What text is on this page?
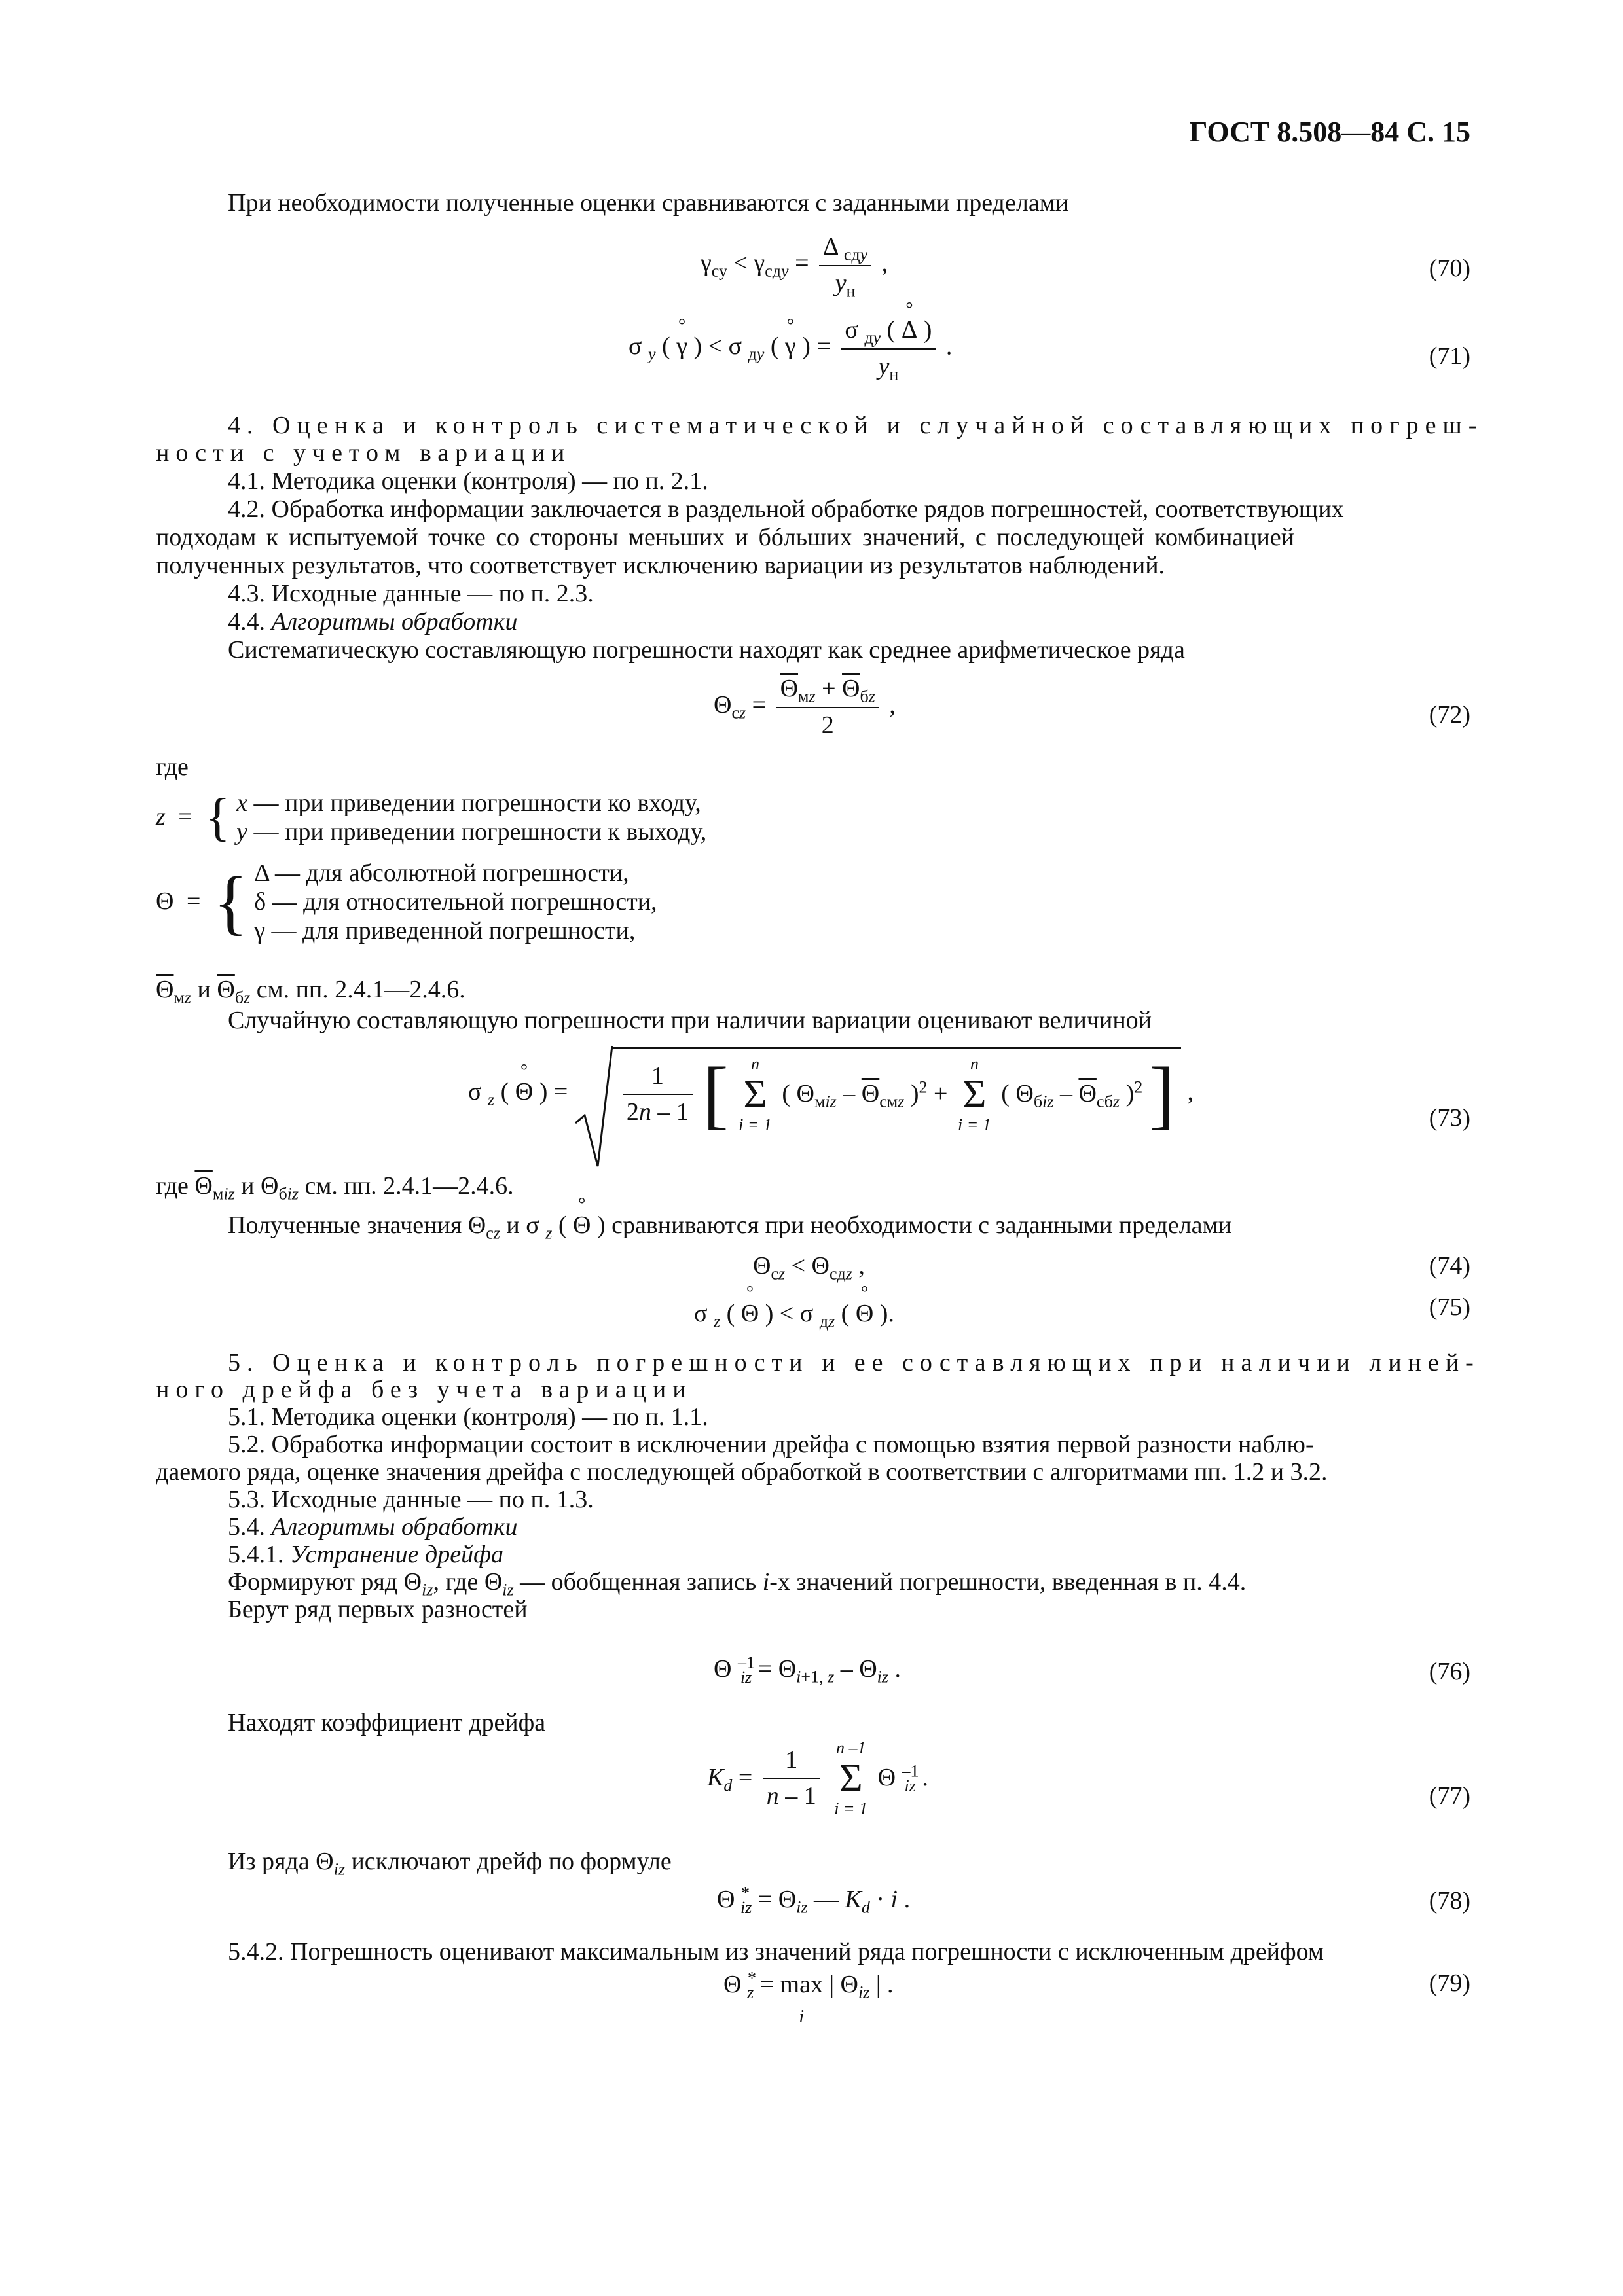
ГОСТ 8.508—84 С. 15
При необходимости полученные оценки сравниваются с заданными пределами
$\gamma_{су} < \gamma_{сдy} = \frac{\Delta _{сдy}}{y_н}$ ,	(70)
σ $_y$ ( ° γ ) < σ $_{дy}$ ( ° γ ) = $\frac{\sigma _{дy} ( ^\circ \Delta )}{y_н}$ .	(71)
4. Оценка и контроль систематической и случайной составляющих погреш-
ности с учетом вариации
4.1. Методика оценки (контроля) — по п. 2.1.
4.2. Обработка информации заключается в раздельной обработке рядов погрешностей, соответствующих
подходам к испытуемой точке со стороны меньших и бóльших значений, с последующей комбинацией
полученных результатов, что соответствует исключению вариации из результатов наблюдений.
4.3. Исходные данные — по п. 2.3.
4.4. Алгоритмы обработки
Систематическую составляющую погрешности находят как среднее арифметическое ряда
$\Theta_{сz} = \frac{\overline{\Theta}_{мz} + \overline{\Theta}_{бz}}{2}$ ,	(72)
где
z = { x — при приведении погрешности ко входу,
y — при приведении погрешности к выходу,
Θ = { Δ — для абсолютной погрешности,
δ — для относительной погрешности,
γ — для приведенной погрешности,
$\overline{\Theta}_{мz}$ и $\overline{\Theta}_{бz}$ см. пп. 2.4.1—2.4.6.
Случайную составляющую погрешности при наличии вариации оценивают величиной
σ $_z$ ( ° Θ ) = $\frac{1}{2n - 1}$ [	n
Σ
i = 1
( $\Theta_{мiz} - \overline{\Theta}_{смz}$ )$^2$ +
n
Σ
i = 1
( $\Theta_{бiz} - \overline{\Theta}_{сбz}$ )$^2$ ] ,
(73)
где $\overline{\Theta}_{мiz}$ и $\Theta_{бiz}$ см. пп. 2.4.1—2.4.6.
Полученные значения $\Theta_{сz}$ и σ $_z$ ( ° Θ ) сравниваются при необходимости с заданными пределами
$\Theta_{сz} < \Theta_{сдz}$ ,	(74)
σ $_z$ ( ° Θ ) < σ $_{дz}$ ( ° Θ ).	(75)
5. Оценка и контроль погрешности и ее составляющих при наличии линей-
ного дрейфа без учета вариации
5.1. Методика оценки (контроля) — по п. 1.1.
5.2. Обработка информации состоит в исключении дрейфа с помощью взятия первой разности наблю-
даемого ряда, оценке значения дрейфа с последующей обработкой в соответствии с алгоритмами пп. 1.2 и 3.2.
5.3. Исходные данные — по п. 1.3.
5.4. Алгоритмы обработки
5.4.1. Устранение дрейфа
Формируют ряд $\Theta_{iz}$, где $\Theta_{iz}$ — обобщенная запись i-х значений погрешности, введенная в п. 4.4.
Берут ряд первых разностей
Θ $^{-1}_{iz} = \Theta_{i+1, z} - \Theta_{iz}$ .	(76)
Находят коэффициент дрейфа
$K_d = \frac{1}{n - 1}$
n –1
Σ
i = 1
Θ $^{-1}_{iz}$ .
(77)
Из ряда $\Theta_{iz}$ исключают дрейф по формуле
Θ $^*_{iz} = \Theta_{iz}$ — $K_d \cdot i$ .	(78)
5.4.2. Погрешность оценивают максимальным из значений ряда погрешности с исключенным дрейфом
Θ *$_z$ = max
i | $\Theta_{iz}$ | .	(79)
